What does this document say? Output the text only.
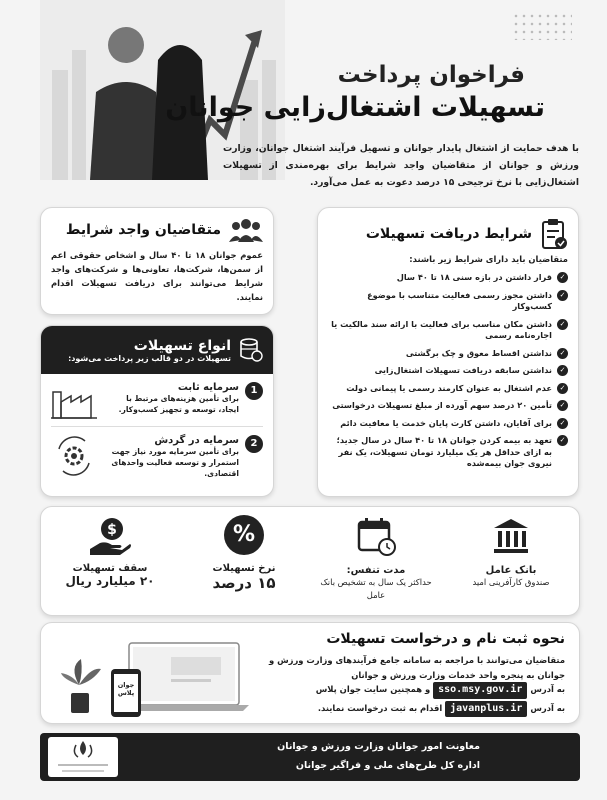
فراخوان پرداخت
تسهیلات اشتغال‌زایی جوانان
با هدف حمایت از اشتغال پایدار جوانان و تسهیل فرآیند اشتغال جوانان، وزارت ورزش و جوانان از متقاضیان واجد شرایط برای بهره‌مندی از تسهیلات اشتغال‌زایی با نرخ ترجیحی ۱۵ درصد دعوت به عمل می‌آورد.
شرایط دریافت تسهیلات
متقاضیان باید دارای شرایط زیر باشند:
✓
قرار داشتن در بازه سنی ۱۸ تا ۴۰ سال
✓
داشتن مجوز رسمی فعالیت متناسب با موضوع کسب‌وکار
✓
داشتن مکان مناسب برای فعالیت با ارائه سند مالکیت یا اجاره‌نامه رسمی
✓
نداشتن اقساط معوق و چک برگشتی
✓
نداشتن سابقه دریافت تسهیلات اشتغال‌زایی
✓
عدم اشتغال به عنوان کارمند رسمی یا پیمانی دولت
✓
تأمین ۲۰ درصد سهم آورده از مبلغ تسهیلات درخواستی
✓
برای آقایان، داشتن کارت پایان خدمت یا معافیت دائم
✓
تعهد به بیمه کردن جوانان ۱۸ تا ۴۰ سال در سال جدید؛ به ازای حداقل هر یک میلیارد تومان تسهیلات، یک نفر نیروی جوان بیمه‌شده
متقاضیان واجد شرایط
عموم جوانان ۱۸ تا ۴۰ سال و اشخاص حقوقی اعم از سمن‌ها، شرکت‌ها، تعاونی‌ها و شرکت‌های واجد شرایط می‌توانند برای دریافت تسهیلات اقدام نمایند.
انواع تسهیلات
تسهیلات در دو قالب زیر پرداخت می‌شود:
1
سرمایه ثابت
برای تأمین هزینه‌های مرتبط با ایجاد، توسعه و تجهیز کسب‌وکار.
2
سرمایه در گردش
برای تأمین سرمایه مورد نیاز جهت استمرار و توسعه فعالیت واحدهای اقتصادی.
بانک عامل
صندوق کارآفرینی امید
مدت تنفس:
حداکثر یک سال به تشخیص بانک عامل
%
نرخ تسهیلات
۱۵ درصد
$
سقف تسهیلات
۲۰ میلیارد ریال
نحوه ثبت نام و درخواست تسهیلات
متقاضیان می‌توانند با مراجعه به سامانه جامع فرآیندهای وزارت ورزش و جوانان به پنجره واحد خدمات وزارت ورزش و جوانان
به آدرس sso.msy.gov.ir و همچنین سایت جوان پلاس
به آدرس javanplus.ir اقدام به ثبت درخواست نمایند.
جوان پلاس
معاونت امور جوانان وزارت ورزش و جوانان
اداره کل طرح‌های ملی و فراگیر جوانان
